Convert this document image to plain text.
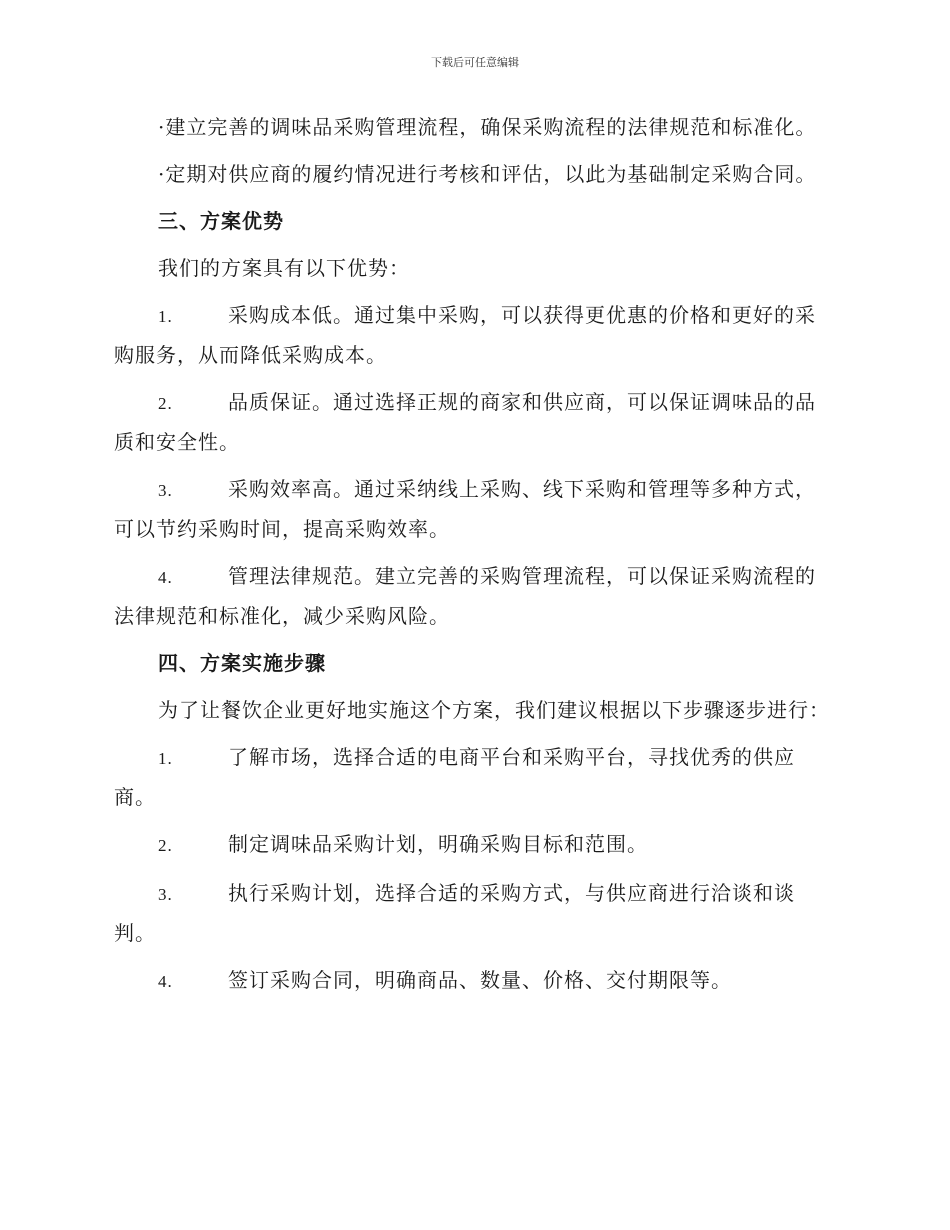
下载后可任意编辑

·建立完善的调味品采购管理流程，确保采购流程的法律规范和标准化。

·定期对供应商的履约情况进行考核和评估，以此为基础制定采购合同。

三、方案优势

我们的方案具有以下优势：

1.	采购成本低。通过集中采购，可以获得更优惠的价格和更好的采购服务，从而降低采购成本。

2.	品质保证。通过选择正规的商家和供应商，可以保证调味品的品质和安全性。

3.	采购效率高。通过采纳线上采购、线下采购和管理等多种方式，可以节约采购时间，提高采购效率。

4.	管理法律规范。建立完善的采购管理流程，可以保证采购流程的法律规范和标准化，减少采购风险。

四、方案实施步骤

为了让餐饮企业更好地实施这个方案，我们建议根据以下步骤逐步进行：

1.	了解市场，选择合适的电商平台和采购平台，寻找优秀的供应商。

2.	制定调味品采购计划，明确采购目标和范围。

3.	执行采购计划，选择合适的采购方式，与供应商进行洽谈和谈判。

4.	签订采购合同，明确商品、数量、价格、交付期限等。
